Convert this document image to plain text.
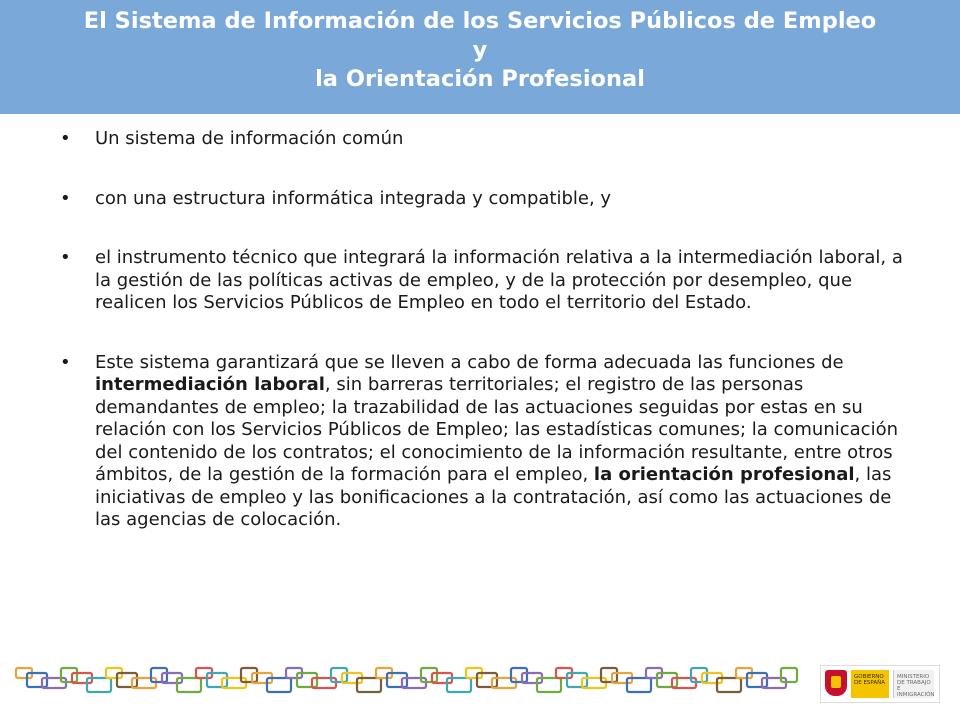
El Sistema de Información de los Servicios Públicos de Empleo
y
la Orientación Profesional
• Un sistema de información común
• con una estructura informática integrada y compatible, y
• el instrumento técnico que integrará la información relativa a la intermediación laboral, a la gestión de las políticas activas de empleo, y de la protección por desempleo, que realicen los Servicios Públicos de Empleo en todo el territorio del Estado.
• Este sistema garantizará que se lleven a cabo de forma adecuada las funciones de intermediación laboral, sin barreras territoriales; el registro de las personas demandantes de empleo; la trazabilidad de las actuaciones seguidas por estas en su relación con los Servicios Públicos de Empleo; las estadísticas comunes; la comunicación del contenido de los contratos; el conocimiento de la información resultante, entre otros ámbitos, de la gestión de la formación para el empleo, la orientación profesional, las iniciativas de empleo y las bonificaciones a la contratación, así como las actuaciones de las agencias de colocación.
GOBIERNO DE ESPAÑA
MINISTERIO DE TRABAJO E INMIGRACIÓN
